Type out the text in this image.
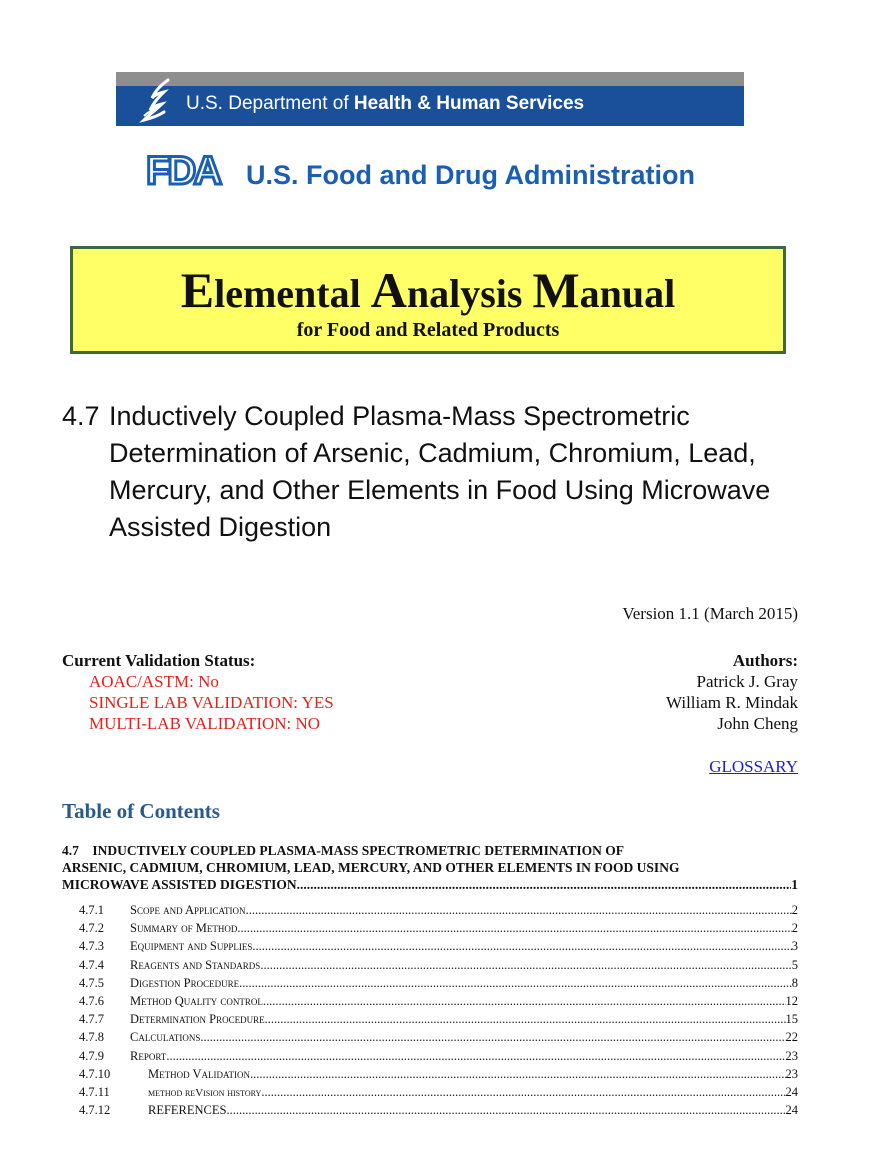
U.S. Department of Health & Human Services
FDA U.S. Food and Drug Administration
Elemental Analysis Manual
for Food and Related Products
4.7 Inductively Coupled Plasma-Mass Spectrometric Determination of Arsenic, Cadmium, Chromium, Lead, Mercury, and Other Elements in Food Using Microwave Assisted Digestion
Version 1.1 (March 2015)
Current Validation Status:
AOAC/ASTM: No
SINGLE LAB VALIDATION: YES
MULTI-LAB VALIDATION: NO
Authors:
Patrick J. Gray
William R. Mindak
John Cheng
GLOSSARY
Table of Contents
4.7    INDUCTIVELY COUPLED PLASMA-MASS SPECTROMETRIC DETERMINATION OF
ARSENIC, CADMIUM, CHROMIUM, LEAD, MERCURY, AND OTHER ELEMENTS IN FOOD USING
MICROWAVE ASSISTED DIGESTION .....	1
4.7.1	Scope and Application .....	2
4.7.2	Summary of Method .....	2
4.7.3	Equipment and Supplies .....	3
4.7.4	Reagents and Standards .....	5
4.7.5	Digestion Procedure .....	8
4.7.6	Method Quality control .....	12
4.7.7	Determination Procedure .....	15
4.7.8	Calculations .....	22
4.7.9	Report .....	23
4.7.10	Method Validation .....	23
4.7.11	method reVision history .....	24
4.7.12	REFERENCES .....	24
